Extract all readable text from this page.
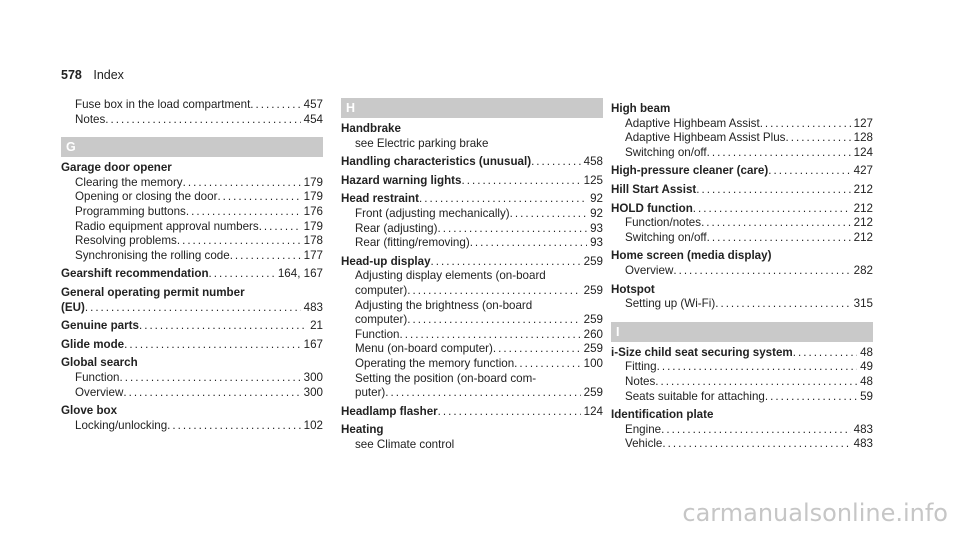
578 Index
Fuse box in the load compartment . . .	457
Notes . . .	454
G
Garage door opener
Clearing the memory . . .	179
Opening or closing the door . . .	179
Programming buttons . . .	176
Radio equipment approval numbers . . .	179
Resolving problems . . .	178
Synchronising the rolling code . . .	177
Gearshift recommendation . . .	164, 167
General operating permit number
(EU) . . .	483
Genuine parts . . .	21
Glide mode . . .	167
Global search
Function . . .	300
Overview . . .	300
Glove box
Locking/unlocking . . .	102
H
Handbrake
see Electric parking brake
Handling characteristics (unusual) . . .	458
Hazard warning lights . . .	125
Head restraint . . .	92
Front (adjusting mechanically) . . .	92
Rear (adjusting) . . .	93
Rear (fitting/removing) . . .	93
Head-up display . . .	259
Adjusting display elements (on-board
computer) . . .	259
Adjusting the brightness (on-board
computer) . . .	259
Function . . .	260
Menu (on-board computer) . . .	259
Operating the memory function . . .	100
Setting the position (on-board com-
puter) . . .	259
Headlamp flasher . . .	124
Heating
see Climate control
High beam
Adaptive Highbeam Assist . . .	127
Adaptive Highbeam Assist Plus . . .	128
Switching on/off . . .	124
High-pressure cleaner (care) . . .	427
Hill Start Assist . . .	212
HOLD function . . .	212
Function/notes . . .	212
Switching on/off . . .	212
Home screen (media display)
Overview . . .	282
Hotspot
Setting up (Wi-Fi) . . .	315
I
i-Size child seat securing system . . .	48
Fitting . . .	49
Notes . . .	48
Seats suitable for attaching . . .	59
Identification plate
Engine . . .	483
Vehicle . . .	483
carmanualsonline.info
